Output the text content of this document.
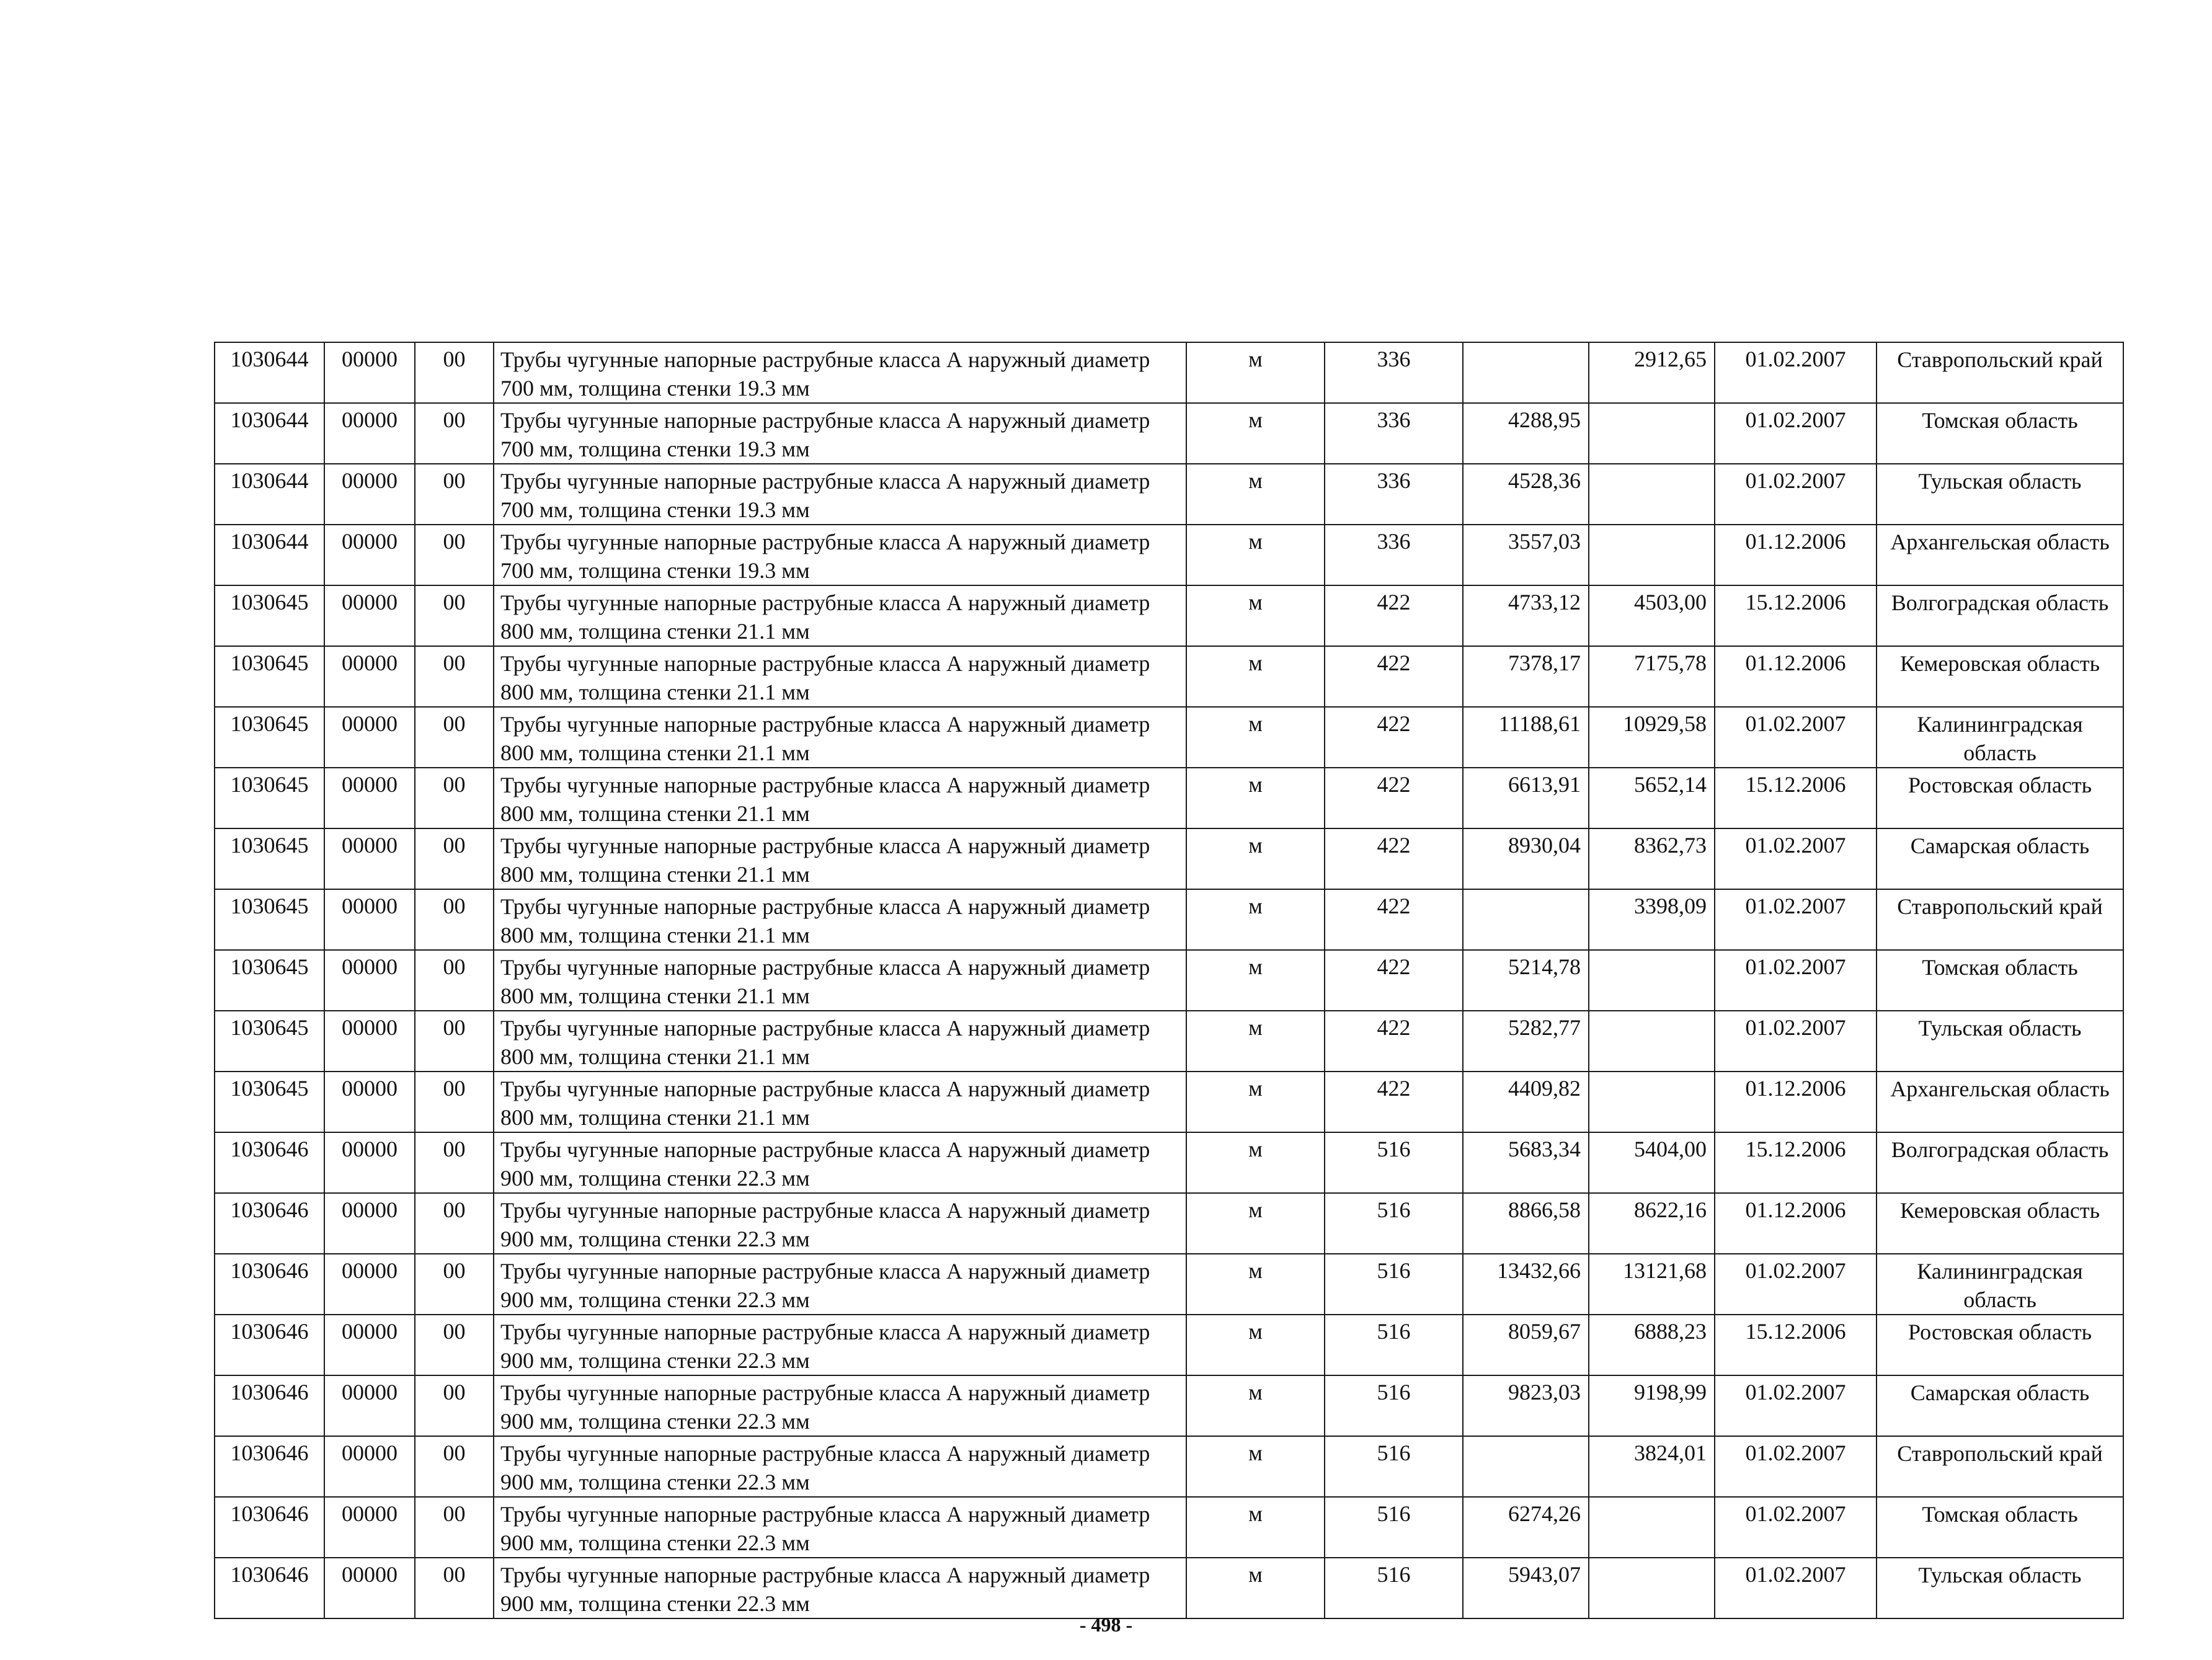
1030644	00000	00	Трубы чугунные напорные раструбные класса А наружный диаметр 700 мм, толщина стенки 19.3 мм	м	336		2912,65	01.02.2007	Ставропольский край
1030644	00000	00	Трубы чугунные напорные раструбные класса А наружный диаметр 700 мм, толщина стенки 19.3 мм	м	336	4288,95		01.02.2007	Томская область
1030644	00000	00	Трубы чугунные напорные раструбные класса А наружный диаметр 700 мм, толщина стенки 19.3 мм	м	336	4528,36		01.02.2007	Тульская область
1030644	00000	00	Трубы чугунные напорные раструбные класса А наружный диаметр 700 мм, толщина стенки 19.3 мм	м	336	3557,03		01.12.2006	Архангельская область
1030645	00000	00	Трубы чугунные напорные раструбные класса А наружный диаметр 800 мм, толщина стенки 21.1 мм	м	422	4733,12	4503,00	15.12.2006	Волгоградская область
1030645	00000	00	Трубы чугунные напорные раструбные класса А наружный диаметр 800 мм, толщина стенки 21.1 мм	м	422	7378,17	7175,78	01.12.2006	Кемеровская область
1030645	00000	00	Трубы чугунные напорные раструбные класса А наружный диаметр 800 мм, толщина стенки 21.1 мм	м	422	11188,61	10929,58	01.02.2007	Калининградская область
1030645	00000	00	Трубы чугунные напорные раструбные класса А наружный диаметр 800 мм, толщина стенки 21.1 мм	м	422	6613,91	5652,14	15.12.2006	Ростовская область
1030645	00000	00	Трубы чугунные напорные раструбные класса А наружный диаметр 800 мм, толщина стенки 21.1 мм	м	422	8930,04	8362,73	01.02.2007	Самарская область
1030645	00000	00	Трубы чугунные напорные раструбные класса А наружный диаметр 800 мм, толщина стенки 21.1 мм	м	422		3398,09	01.02.2007	Ставропольский край
1030645	00000	00	Трубы чугунные напорные раструбные класса А наружный диаметр 800 мм, толщина стенки 21.1 мм	м	422	5214,78		01.02.2007	Томская область
1030645	00000	00	Трубы чугунные напорные раструбные класса А наружный диаметр 800 мм, толщина стенки 21.1 мм	м	422	5282,77		01.02.2007	Тульская область
1030645	00000	00	Трубы чугунные напорные раструбные класса А наружный диаметр 800 мм, толщина стенки 21.1 мм	м	422	4409,82		01.12.2006	Архангельская область
1030646	00000	00	Трубы чугунные напорные раструбные класса А наружный диаметр 900 мм, толщина стенки 22.3 мм	м	516	5683,34	5404,00	15.12.2006	Волгоградская область
1030646	00000	00	Трубы чугунные напорные раструбные класса А наружный диаметр 900 мм, толщина стенки 22.3 мм	м	516	8866,58	8622,16	01.12.2006	Кемеровская область
1030646	00000	00	Трубы чугунные напорные раструбные класса А наружный диаметр 900 мм, толщина стенки 22.3 мм	м	516	13432,66	13121,68	01.02.2007	Калининградская область
1030646	00000	00	Трубы чугунные напорные раструбные класса А наружный диаметр 900 мм, толщина стенки 22.3 мм	м	516	8059,67	6888,23	15.12.2006	Ростовская область
1030646	00000	00	Трубы чугунные напорные раструбные класса А наружный диаметр 900 мм, толщина стенки 22.3 мм	м	516	9823,03	9198,99	01.02.2007	Самарская область
1030646	00000	00	Трубы чугунные напорные раструбные класса А наружный диаметр 900 мм, толщина стенки 22.3 мм	м	516		3824,01	01.02.2007	Ставропольский край
1030646	00000	00	Трубы чугунные напорные раструбные класса А наружный диаметр 900 мм, толщина стенки 22.3 мм	м	516	6274,26		01.02.2007	Томская область
1030646	00000	00	Трубы чугунные напорные раструбные класса А наружный диаметр 900 мм, толщина стенки 22.3 мм	м	516	5943,07		01.02.2007	Тульская область
- 498 -
